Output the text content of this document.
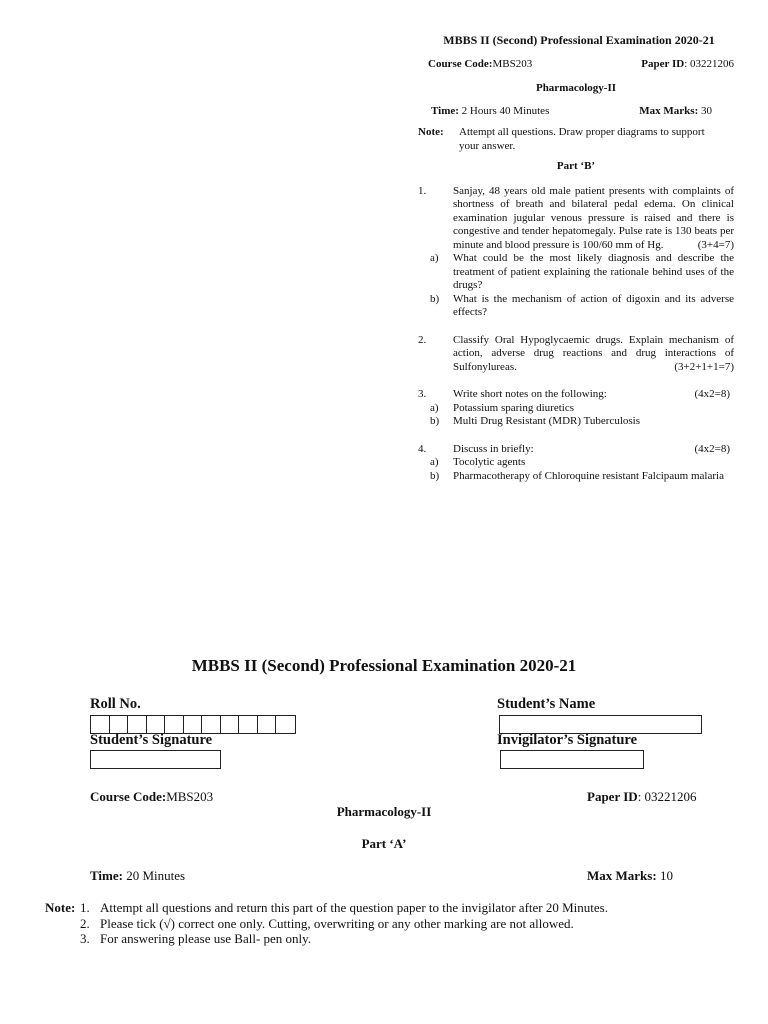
MBBS II (Second) Professional Examination 2020-21
Course Code:MBS203	Paper ID: 03221206
Pharmacology-II
Time: 2 Hours 40 Minutes	Max Marks: 30
Note:	Attempt all questions. Draw proper diagrams to support your answer.
Part ‘B’
1.	Sanjay, 48 years old male patient presents with complaints of shortness of breath and bilateral pedal edema. On clinical examination jugular venous pressure is raised and there is congestive and tender hepatomegaly. Pulse rate is 130 beats per minute and blood pressure is 100/60 mm of Hg.	(3+4=7)
a)	What could be the most likely diagnosis and describe the treatment of patient explaining the rationale behind uses of the drugs?
b)	What is the mechanism of action of digoxin and its adverse effects?
2.	Classify Oral Hypoglycaemic drugs. Explain mechanism of action, adverse drug reactions and drug interactions of Sulfonylureas.	(3+2+1+1=7)
3.	Write short notes on the following:	(4x2=8)
a)	Potassium sparing diuretics
b)	Multi Drug Resistant (MDR) Tuberculosis
4.	Discuss in briefly:	(4x2=8)
a)	Tocolytic agents
b)	Pharmacotherapy of Chloroquine resistant Falcipaum malaria
MBBS II (Second) Professional Examination 2020-21
Roll No.	Student’s Name
Student’s Signature	Invigilator’s Signature
Course Code:MBS203	Paper ID: 03221206
Pharmacology-II
Part ‘A’
Time: 20 Minutes	Max Marks: 10
Note: 1. Attempt all questions and return this part of the question paper to the invigilator after 20 Minutes.
2. Please tick (√) correct one only. Cutting, overwriting or any other marking are not allowed.
3. For answering please use Ball- pen only.
